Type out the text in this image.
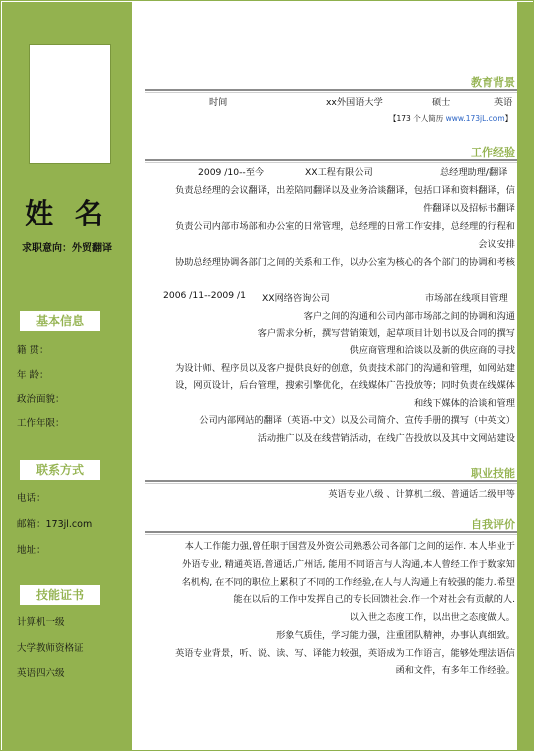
姓 名
求职意向：外贸翻译
基本信息
籍 贯：
年 龄：
政治面貌：
工作年限：
联系方式
电话：
邮箱：173jl.com
地址：
技能证书
计算机一级
大学教师资格证
英语四六级
教育背景
时间	xx外国语大学	硕士	英语
【173 个人简历 www.173jL.com】
工作经验
2009 /10--至今	XX工程有限公司	总经理助理/翻译
负责总经理的会议翻译，出差陪同翻译以及业务洽谈翻译，包括口译和资料翻译，信
件翻译以及招标书翻译
负责公司内部市场部和办公室的日常管理，总经理的日常工作安排，总经理的行程和
会议安排
协助总经理协调各部门之间的关系和工作，以办公室为核心的各个部门的协调和考核
2006 /11--2009 /1 XX网络咨询公司	市场部在线项目管理
客户之间的沟通和公司内部市场部之间的协调和沟通
客户需求分析，撰写营销策划，起草项目计划书以及合同的撰写
供应商管理和洽谈以及新的供应商的寻找
为设计师、程序员以及客户提供良好的创意，负责技术部门的沟通和管理，如网站建
设，网页设计，后台管理，搜索引擎优化，在线媒体广告投放等；同时负责在线媒体
和线下媒体的洽谈和管理
公司内部网站的翻译（英语-中文）以及公司简介、宣传手册的撰写（中英文）
活动推广以及在线营销活动，在线广告投放以及其中文网站建设
职业技能
英语专业八级 、计算机二级、普通话二级甲等
自我评价
本人工作能力强,曾任职于国营及外资公司熟悉公司各部门之间的运作. 本人毕业于
外语专业, 精通英语,普通话,广州话, 能用不同语言与人沟通,本人曾经工作于数家知
名机构, 在不同的职位上累积了不同的工作经验,在人与人沟通上有较强的能力.希望
能在以后的工作中发挥自己的专长回馈社会.作一个对社会有贡献的人.
以入世之态度工作，以出世之态度做人。
形象气质佳，学习能力强，注重团队精神，办事认真细致。
英语专业背景，听、说、读、写、译能力较强，英语成为工作语言，能够处理法语信
函和文件，有多年工作经验。
